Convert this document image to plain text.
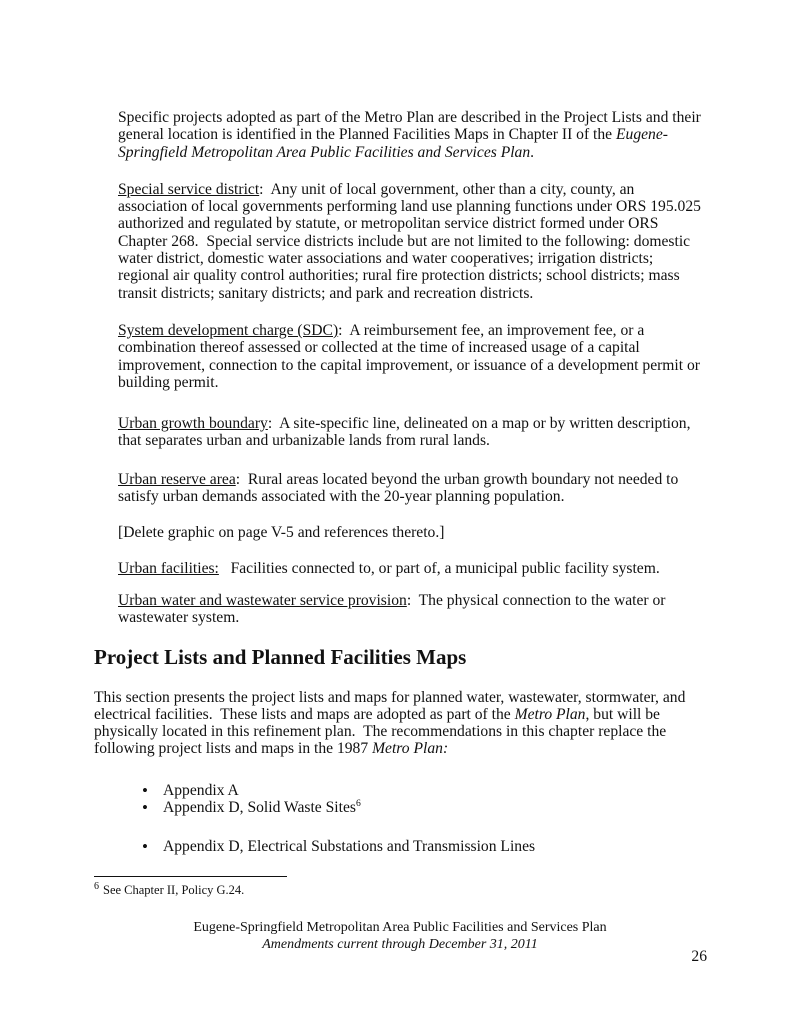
Specific projects adopted as part of the Metro Plan are described in the Project Lists and their general location is identified in the Planned Facilities Maps in Chapter II of the Eugene-Springfield Metropolitan Area Public Facilities and Services Plan.

Special service district:  Any unit of local government, other than a city, county, an association of local governments performing land use planning functions under ORS 195.025 authorized and regulated by statute, or metropolitan service district formed under ORS Chapter 268.  Special service districts include but are not limited to the following: domestic water district, domestic water associations and water cooperatives; irrigation districts; regional air quality control authorities; rural fire protection districts; school districts; mass transit districts; sanitary districts; and park and recreation districts.

System development charge (SDC):  A reimbursement fee, an improvement fee, or a combination thereof assessed or collected at the time of increased usage of a capital improvement, connection to the capital improvement, or issuance of a development permit or building permit.

Urban growth boundary:  A site-specific line, delineated on a map or by written description, that separates urban and urbanizable lands from rural lands.

Urban reserve area:  Rural areas located beyond the urban growth boundary not needed to satisfy urban demands associated with the 20-year planning population.

[Delete graphic on page V-5 and references thereto.]

Urban facilities:   Facilities connected to, or part of, a municipal public facility system.

Urban water and wastewater service provision:  The physical connection to the water or wastewater system.

Project Lists and Planned Facilities Maps

This section presents the project lists and maps for planned water, wastewater, stormwater, and electrical facilities.  These lists and maps are adopted as part of the Metro Plan, but will be physically located in this refinement plan.  The recommendations in this chapter replace the following project lists and maps in the 1987 Metro Plan:

• Appendix A
• Appendix D, Solid Waste Sites$^6$
• Appendix D, Electrical Substations and Transmission Lines

$^6$ See Chapter II, Policy G.24.

Eugene-Springfield Metropolitan Area Public Facilities and Services Plan
Amendments current through December 31, 2011
26
